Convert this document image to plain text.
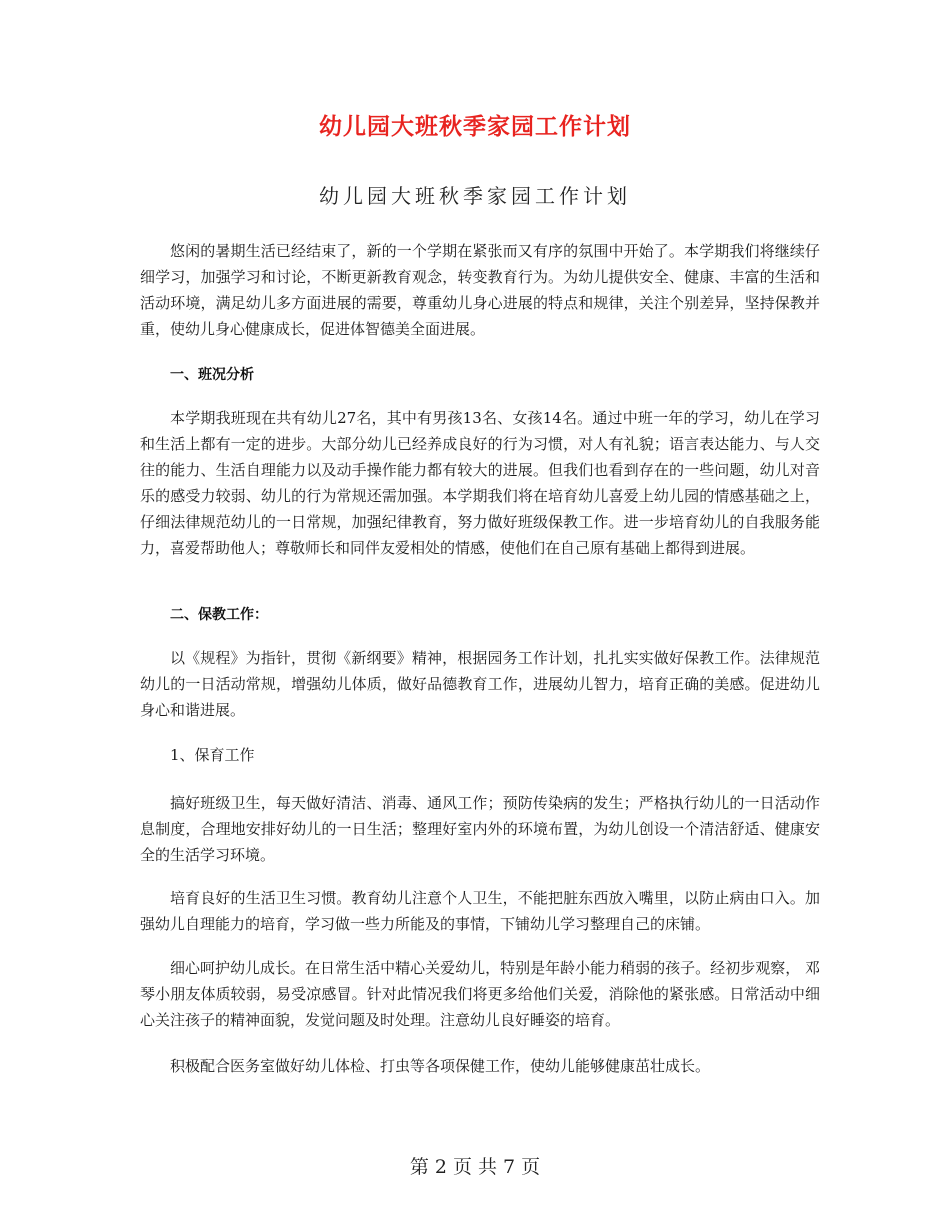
幼儿园大班秋季家园工作计划
幼儿园大班秋季家园工作计划
悠闲的暑期生活已经结束了，新的一个学期在紧张而又有序的氛围中开始了。本学期我们将继续仔细学习，加强学习和讨论，不断更新教育观念，转变教育行为。为幼儿提供安全、健康、丰富的生活和活动环境，满足幼儿多方面进展的需要，尊重幼儿身心进展的特点和规律，关注个别差异，坚持保教并重，使幼儿身心健康成长，促进体智德美全面进展。
一、班况分析
本学期我班现在共有幼儿27名，其中有男孩13名、女孩14名。通过中班一年的学习，幼儿在学习和生活上都有一定的进步。大部分幼儿已经养成良好的行为习惯，对人有礼貌；语言表达能力、与人交往的能力、生活自理能力以及动手操作能力都有较大的进展。但我们也看到存在的一些问题，幼儿对音乐的感受力较弱、幼儿的行为常规还需加强。本学期我们将在培育幼儿喜爱上幼儿园的情感基础之上，仔细法律规范幼儿的一日常规，加强纪律教育，努力做好班级保教工作。进一步培育幼儿的自我服务能力，喜爱帮助他人；尊敬师长和同伴友爱相处的情感，使他们在自己原有基础上都得到进展。
二、保教工作：
以《规程》为指针，贯彻《新纲要》精神，根据园务工作计划，扎扎实实做好保教工作。法律规范幼儿的一日活动常规，增强幼儿体质，做好品德教育工作，进展幼儿智力，培育正确的美感。促进幼儿身心和谐进展。
1、保育工作
搞好班级卫生，每天做好清洁、消毒、通风工作；预防传染病的发生；严格执行幼儿的一日活动作息制度，合理地安排好幼儿的一日生活；整理好室内外的环境布置，为幼儿创设一个清洁舒适、健康安全的生活学习环境。
培育良好的生活卫生习惯。教育幼儿注意个人卫生，不能把脏东西放入嘴里，以防止病由口入。加强幼儿自理能力的培育，学习做一些力所能及的事情，下铺幼儿学习整理自己的床铺。
细心呵护幼儿成长。在日常生活中精心关爱幼儿，特别是年龄小能力稍弱的孩子。经初步观察， 邓琴小朋友体质较弱，易受凉感冒。针对此情况我们将更多给他们关爱，消除他的紧张感。日常活动中细心关注孩子的精神面貌，发觉问题及时处理。注意幼儿良好睡姿的培育。
积极配合医务室做好幼儿体检、打虫等各项保健工作，使幼儿能够健康茁壮成长。
第 2 页 共 7 页
